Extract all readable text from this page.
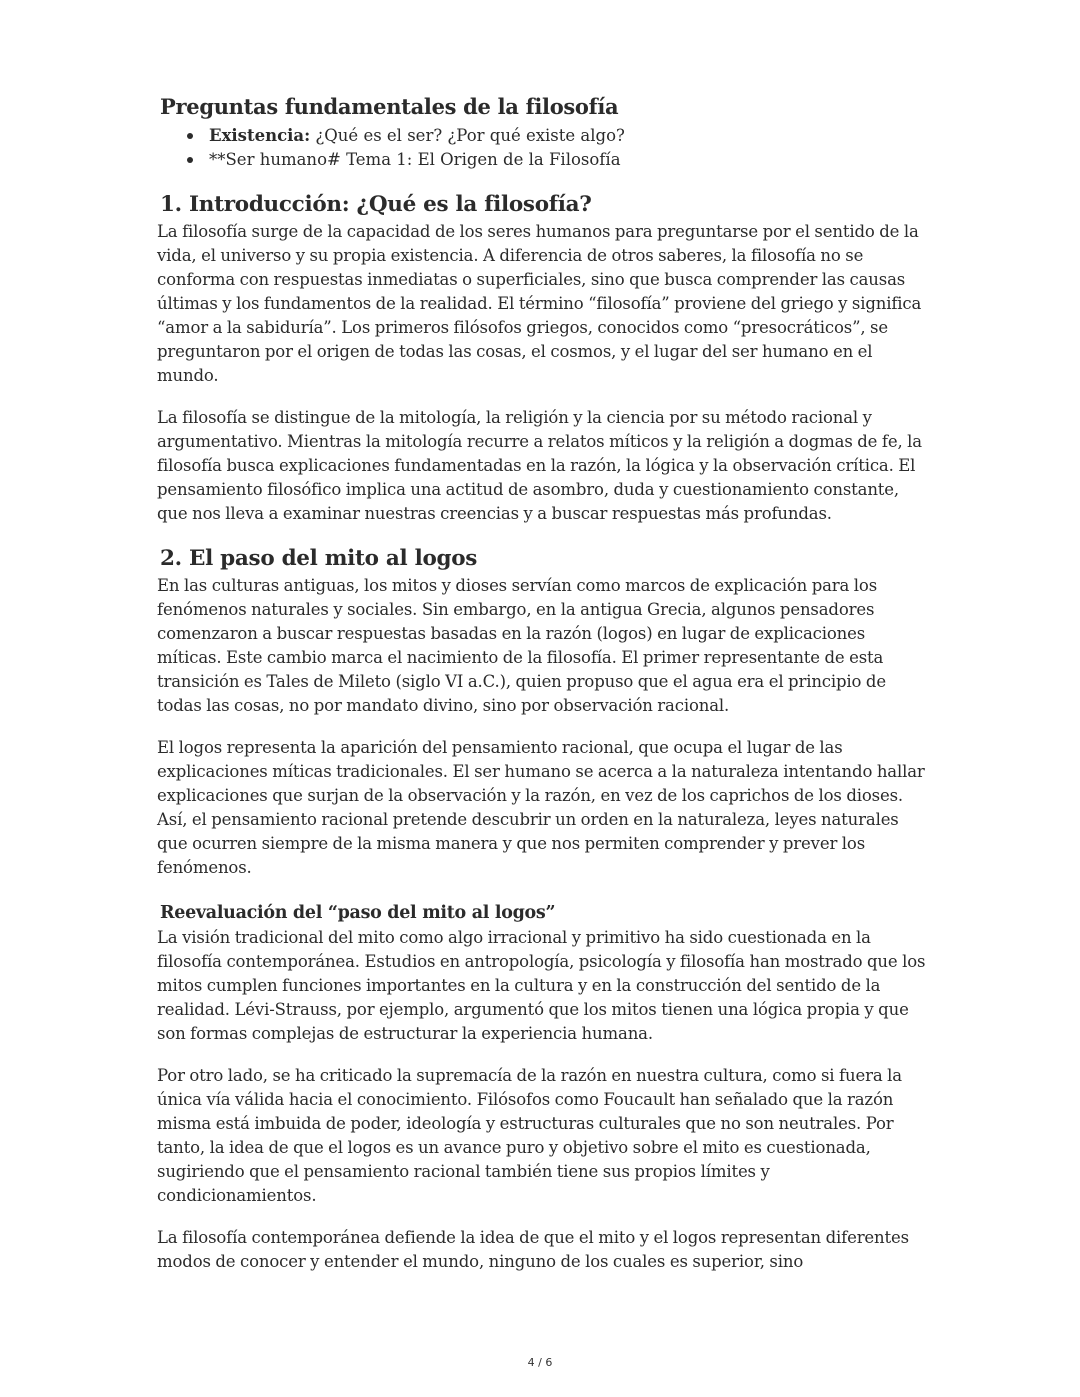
Preguntas fundamentales de la filosofía
Existencia: ¿Qué es el ser? ¿Por qué existe algo?
**Ser humano# Tema 1: El Origen de la Filosofía
1. Introducción: ¿Qué es la filosofía?

La filosofía surge de la capacidad de los seres humanos para preguntarse por el sentido de la vida, el universo y su propia existencia. A diferencia de otros saberes, la filosofía no se conforma con respuestas inmediatas o superficiales, sino que busca comprender las causas últimas y los fundamentos de la realidad. El término “filosofía” proviene del griego y significa “amor a la sabiduría”. Los primeros filósofos griegos, conocidos como “presocráticos”, se preguntaron por el origen de todas las cosas, el cosmos, y el lugar del ser humano en el mundo.

La filosofía se distingue de la mitología, la religión y la ciencia por su método racional y argumentativo. Mientras la mitología recurre a relatos míticos y la religión a dogmas de fe, la filosofía busca explicaciones fundamentadas en la razón, la lógica y la observación crítica. El pensamiento filosófico implica una actitud de asombro, duda y cuestionamiento constante, que nos lleva a examinar nuestras creencias y a buscar respuestas más profundas.

2. El paso del mito al logos

En las culturas antiguas, los mitos y dioses servían como marcos de explicación para los fenómenos naturales y sociales. Sin embargo, en la antigua Grecia, algunos pensadores comenzaron a buscar respuestas basadas en la razón (logos) en lugar de explicaciones míticas. Este cambio marca el nacimiento de la filosofía. El primer representante de esta transición es Tales de Mileto (siglo VI a.C.), quien propuso que el agua era el principio de todas las cosas, no por mandato divino, sino por observación racional.

El logos representa la aparición del pensamiento racional, que ocupa el lugar de las explicaciones míticas tradicionales. El ser humano se acerca a la naturaleza intentando hallar explicaciones que surjan de la observación y la razón, en vez de los caprichos de los dioses. Así, el pensamiento racional pretende descubrir un orden en la naturaleza, leyes naturales que ocurren siempre de la misma manera y que nos permiten comprender y prever los fenómenos.

Reevaluación del “paso del mito al logos”

La visión tradicional del mito como algo irracional y primitivo ha sido cuestionada en la filosofía contemporánea. Estudios en antropología, psicología y filosofía han mostrado que los mitos cumplen funciones importantes en la cultura y en la construcción del sentido de la realidad. Lévi-Strauss, por ejemplo, argumentó que los mitos tienen una lógica propia y que son formas complejas de estructurar la experiencia humana.

Por otro lado, se ha criticado la supremacía de la razón en nuestra cultura, como si fuera la única vía válida hacia el conocimiento. Filósofos como Foucault han señalado que la razón misma está imbuida de poder, ideología y estructuras culturales que no son neutrales. Por tanto, la idea de que el logos es un avance puro y objetivo sobre el mito es cuestionada, sugiriendo que el pensamiento racional también tiene sus propios límites y condicionamientos.

La filosofía contemporánea defiende la idea de que el mito y el logos representan diferentes modos de conocer y entender el mundo, ninguno de los cuales es superior, sino

4 / 6
